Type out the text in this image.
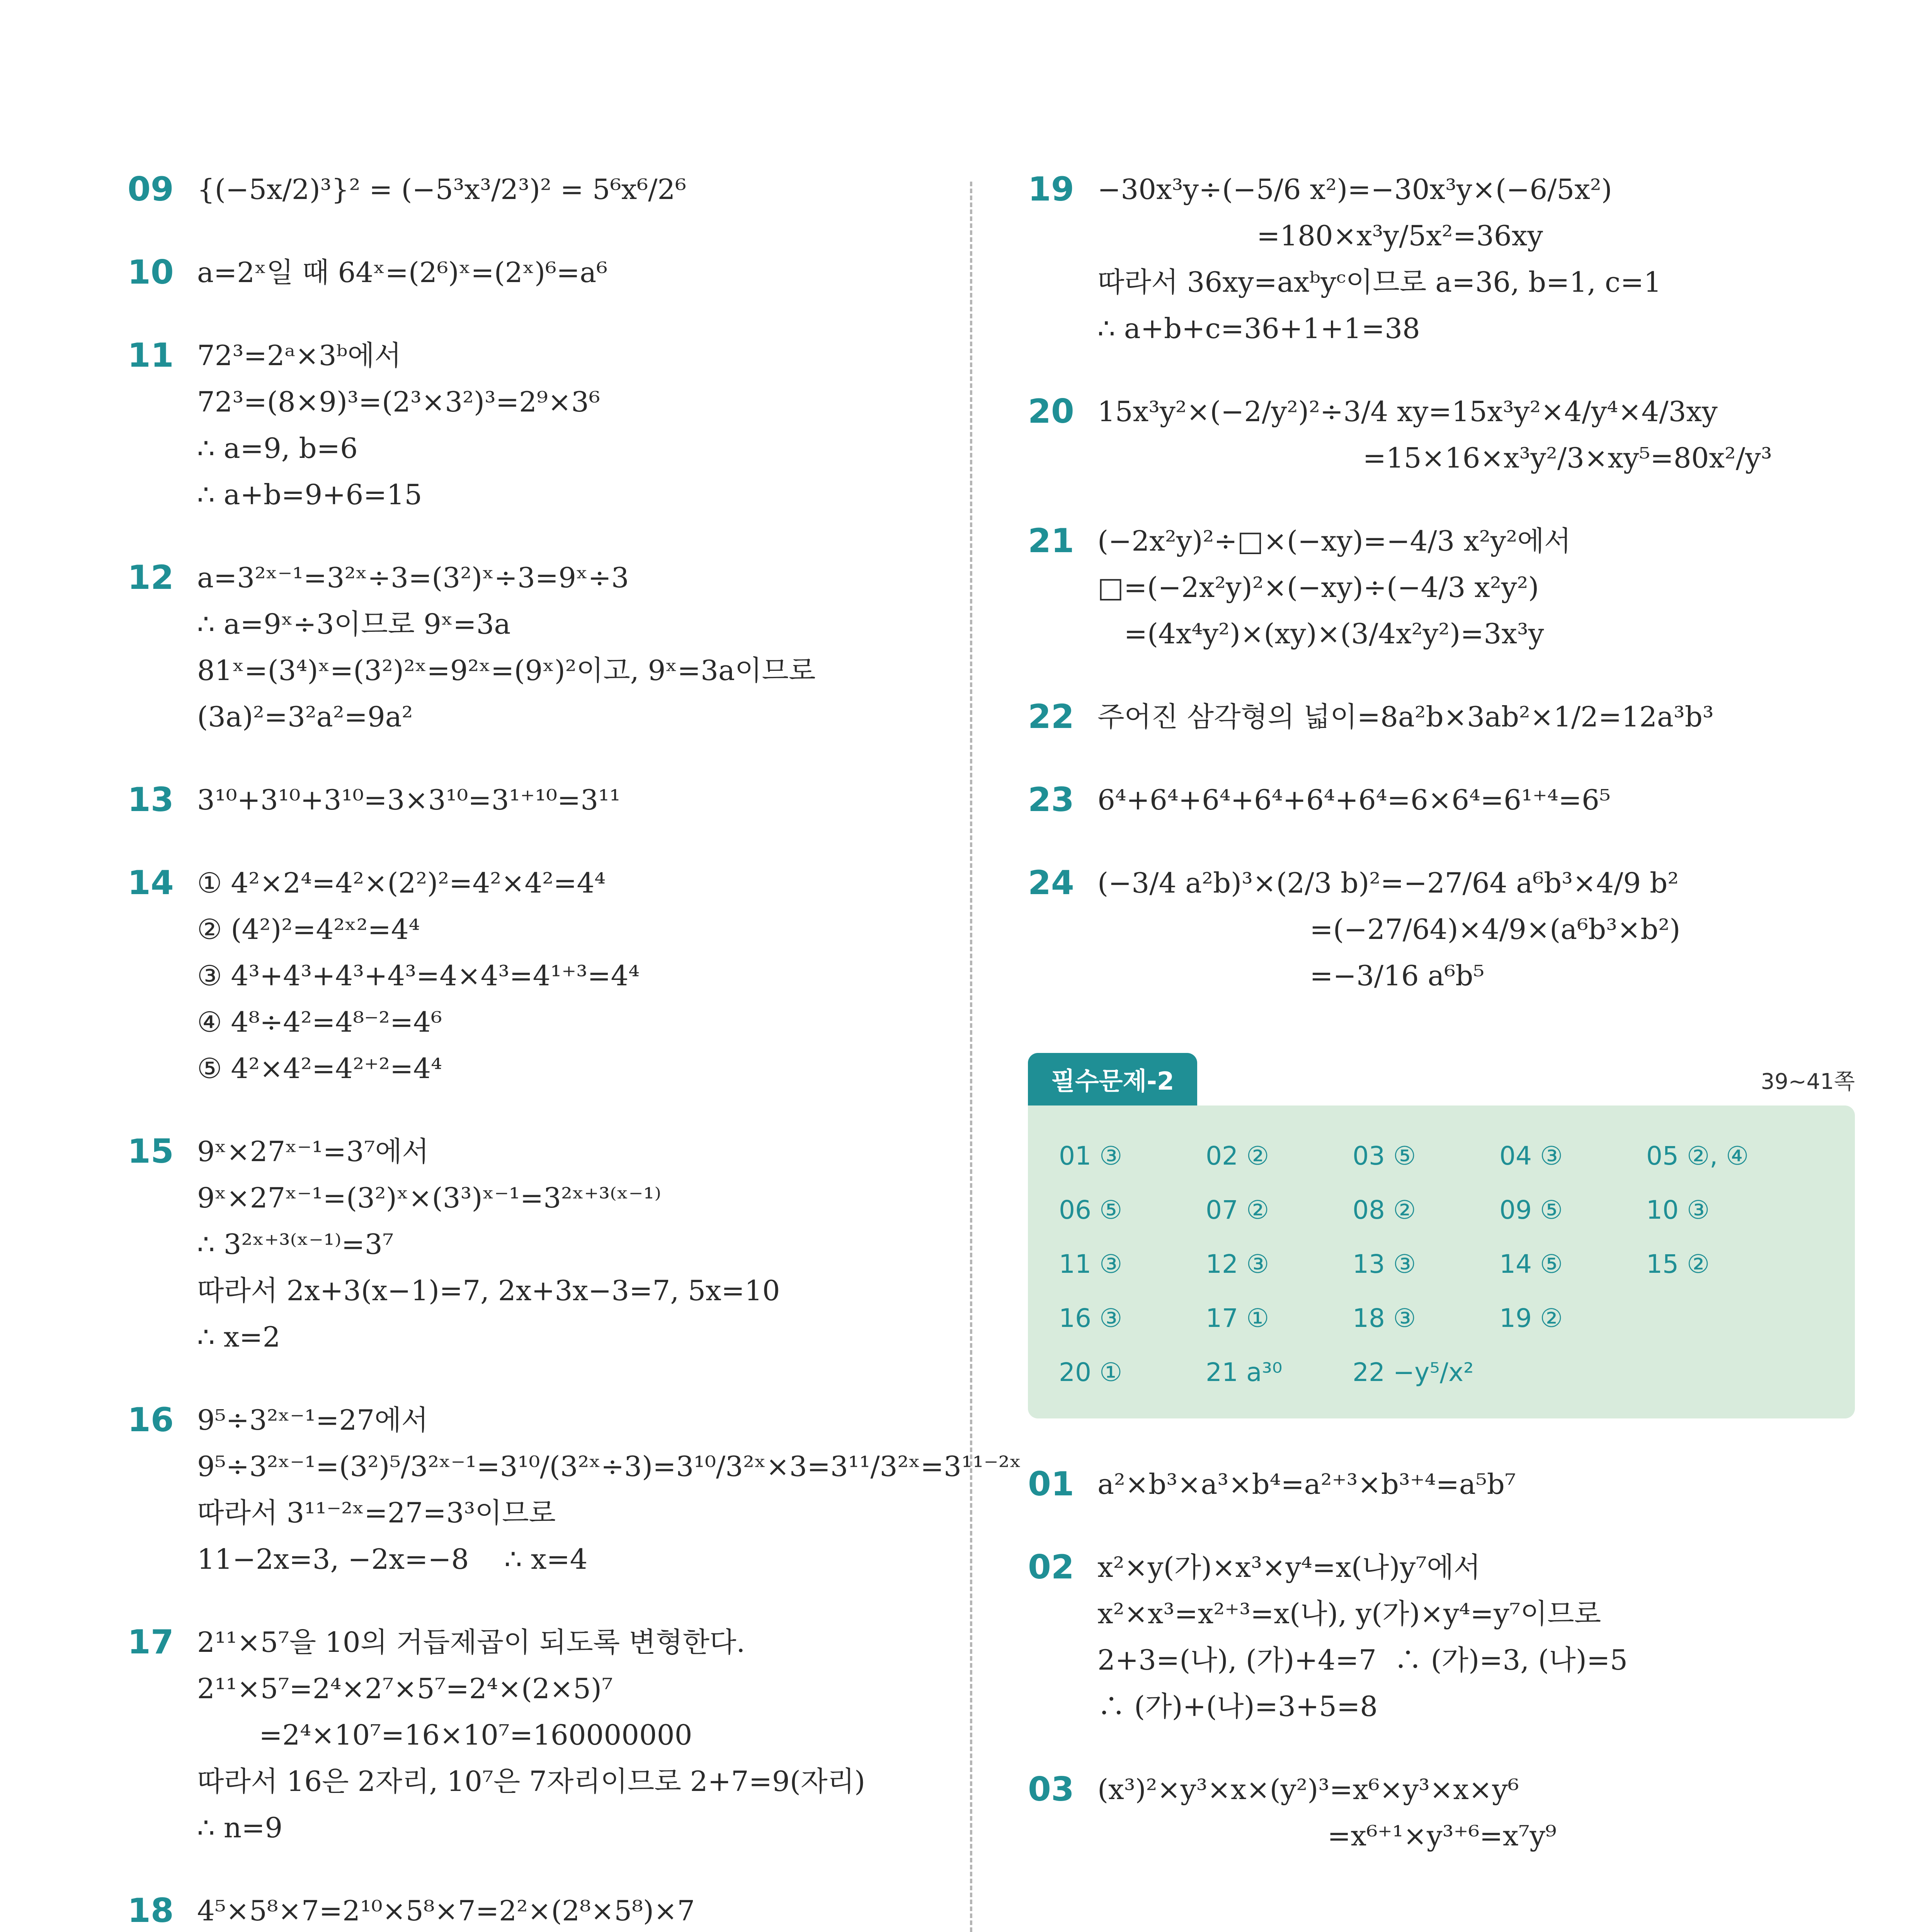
09 {(−5x/2)³}² = (−5³x³/2³)² = 5⁶x⁶/2⁶
10 a=2ˣ일 때 64ˣ=(2⁶)ˣ=(2ˣ)⁶=a⁶
11 72³=2ᵃ×3ᵇ에서
72³=(8×9)³=(2³×3²)³=2⁹×3⁶
∴ a=9, b=6
∴ a+b=9+6=15
12 a=3²ˣ⁻¹=3²ˣ÷3=(3²)ˣ÷3=9ˣ÷3
∴ a=9ˣ÷3이므로 9ˣ=3a
81ˣ=(3⁴)ˣ=(3²)²ˣ=9²ˣ=(9ˣ)²이고, 9ˣ=3a이므로
(3a)²=3²a²=9a²
13 3¹⁰+3¹⁰+3¹⁰=3×3¹⁰=3¹⁺¹⁰=3¹¹
14 ① 4²×2⁴=4²×(2²)²=4²×4²=4⁴
② (4²)²=4²ˣ²=4⁴
③ 4³+4³+4³+4³=4×4³=4¹⁺³=4⁴
④ 4⁸÷4²=4⁸⁻²=4⁶
⑤ 4²×4²=4²⁺²=4⁴
15 9ˣ×27ˣ⁻¹=3⁷에서
9ˣ×27ˣ⁻¹=(3²)ˣ×(3³)ˣ⁻¹=3²ˣ⁺³⁽ˣ⁻¹⁾
∴ 3²ˣ⁺³⁽ˣ⁻¹⁾=3⁷
따라서 2x+3(x−1)=7, 2x+3x−3=7, 5x=10
∴ x=2
16 9⁵÷3²ˣ⁻¹=27에서
9⁵÷3²ˣ⁻¹=(3²)⁵/3²ˣ⁻¹=3¹⁰/(3²ˣ÷3)=3¹⁰/3²ˣ×3=3¹¹/3²ˣ=3¹¹⁻²ˣ
따라서 3¹¹⁻²ˣ=27=3³이므로
11−2x=3, −2x=−8    ∴ x=4
17 2¹¹×5⁷을 10의 거듭제곱이 되도록 변형한다.
2¹¹×5⁷=2⁴×2⁷×5⁷=2⁴×(2×5)⁷
=2⁴×10⁷=16×10⁷=160000000
따라서 16은 2자리, 10⁷은 7자리이므로 2+7=9(자리)
∴ n=9
18 4⁵×5⁸×7=2¹⁰×5⁸×7=2²×(2⁸×5⁸)×7
19 −30x³y÷(−5/6 x²)=−30x³y×(−6/5x²)
=180×x³y/5x²=36xy
따라서 36xy=axᵇyᶜ이므로 a=36, b=1, c=1
∴ a+b+c=36+1+1=38
20 15x³y²×(−2/y²)²÷3/4 xy=15x³y²×4/y⁴×4/3xy
=15×16×x³y²/3×xy⁵=80x²/y³
21 (−2x²y)²÷□×(−xy)=−4/3 x²y²에서
□=(−2x²y)²×(−xy)÷(−4/3 x²y²)
=(4x⁴y²)×(xy)×(3/4x²y²)=3x³y
22 주어진 삼각형의 넓이=8a²b×3ab²×1/2=12a³b³
23 6⁴+6⁴+6⁴+6⁴+6⁴+6⁴=6×6⁴=6¹⁺⁴=6⁵
24 (−3/4 a²b)³×(2/3 b)²=−27/64 a⁶b³×4/9 b²
=(−27/64)×4/9×(a⁶b³×b²)
=−3/16 a⁶b⁵
필수문제-2	39~41쪽
01 ③	02 ②	03 ⑤	04 ③	05 ②, ④
06 ⑤	07 ②	08 ②	09 ⑤	10 ③
11 ③	12 ③	13 ③	14 ⑤	15 ②
16 ③	17 ①	18 ③	19 ②
20 ①	21 a³⁰	22 −y⁵/x²
01 a²×b³×a³×b⁴=a²⁺³×b³⁺⁴=a⁵b⁷
02 x²×y(가)×x³×y⁴=x(나)y⁷에서
x²×x³=x²⁺³=x(나), y(가)×y⁴=y⁷이므로
2+3=(나), (가)+4=7  ∴ (가)=3, (나)=5
∴ (가)+(나)=3+5=8
03 (x³)²×y³×x×(y²)³=x⁶×y³×x×y⁶
=x⁶⁺¹×y³⁺⁶=x⁷y⁹
